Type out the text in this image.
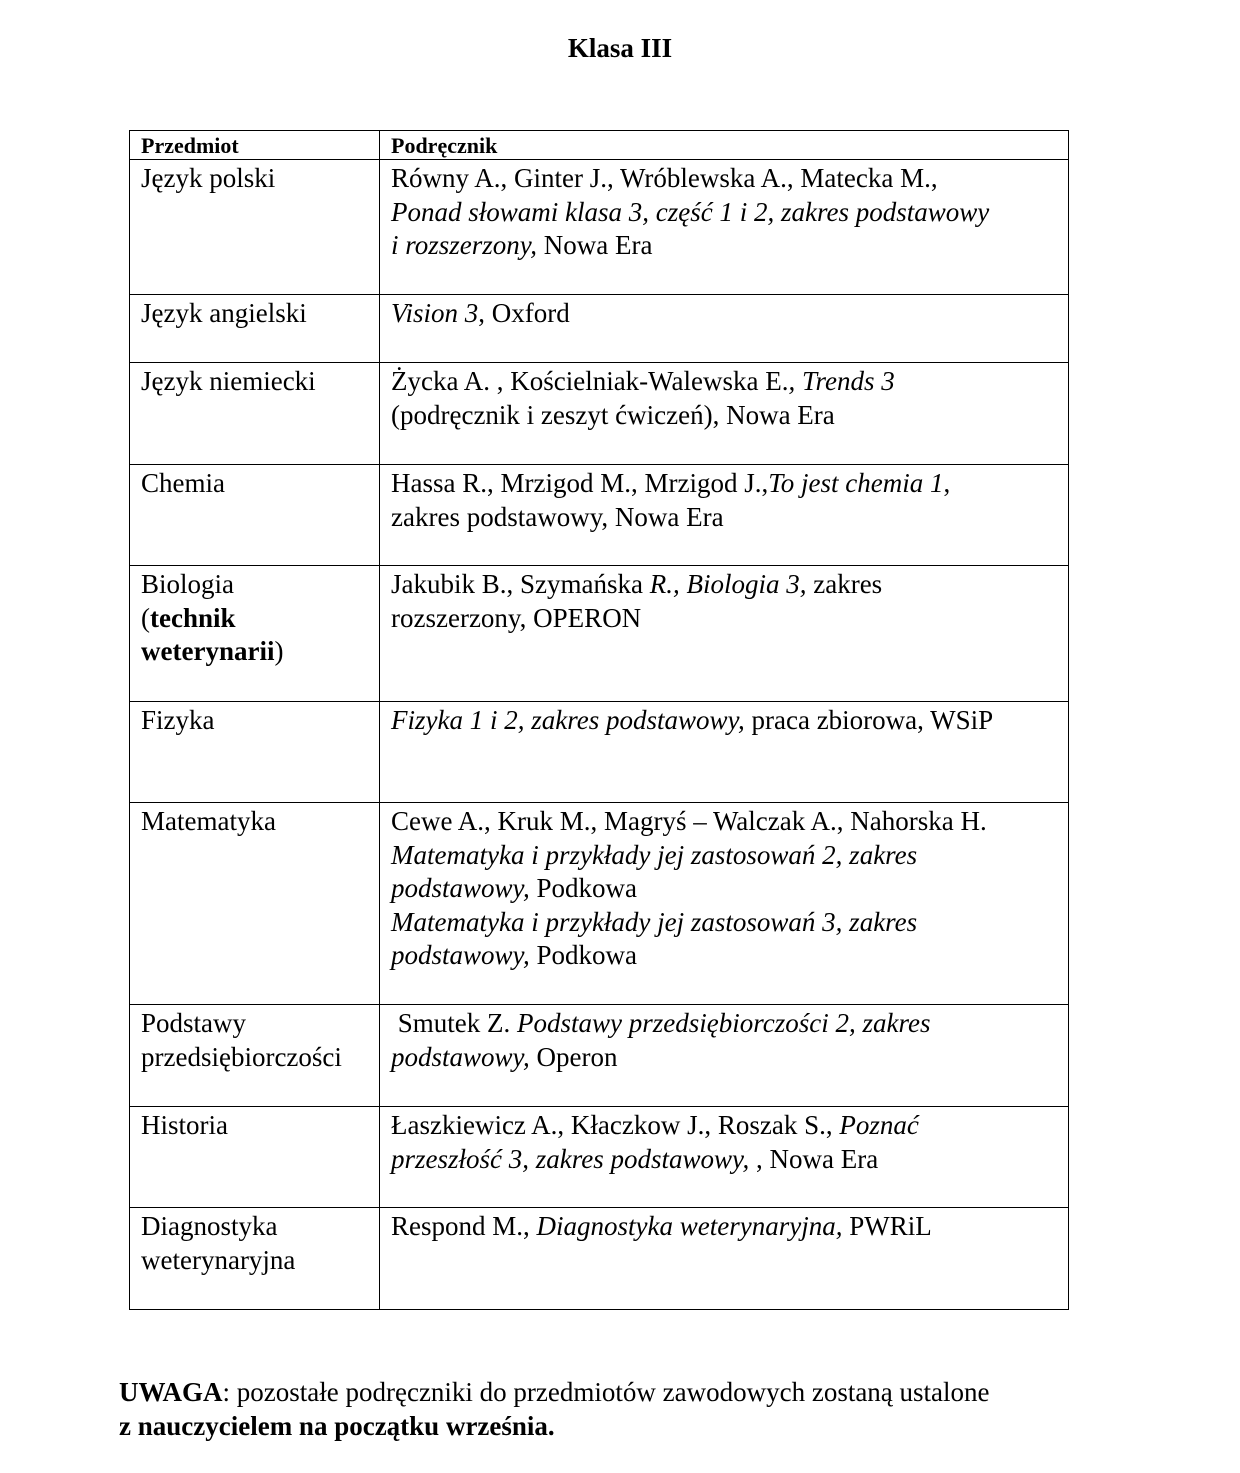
Klasa III
Przedmiot	Podręcznik
Język polski	Równy A., Ginter J., Wróblewska A., Matecka M.,
Ponad słowami klasa 3, część 1 i 2, zakres podstawowy
i rozszerzony, Nowa Era
Język angielski	Vision 3, Oxford
Język niemiecki	Życka A. , Kościelniak-Walewska E., Trends 3
(podręcznik i zeszyt ćwiczeń), Nowa Era
Chemia	Hassa R., Mrzigod M., Mrzigod J.,To jest chemia 1,
zakres podstawowy, Nowa Era
Biologia
(technik
weterynarii)	Jakubik B., Szymańska R., Biologia 3, zakres
rozszerzony, OPERON
Fizyka	Fizyka 1 i 2, zakres podstawowy, praca zbiorowa, WSiP
Matematyka	Cewe A., Kruk M., Magryś – Walczak A., Nahorska H.
Matematyka i przykłady jej zastosowań 2, zakres
podstawowy, Podkowa
Matematyka i przykłady jej zastosowań 3, zakres
podstawowy, Podkowa
Podstawy
przedsiębiorczości	Smutek Z. Podstawy przedsiębiorczości 2, zakres
podstawowy, Operon
Historia	Łaszkiewicz A., Kłaczkow J., Roszak S., Poznać
przeszłość 3, zakres podstawowy, , Nowa Era
Diagnostyka
weterynaryjna	Respond M., Diagnostyka weterynaryjna, PWRiL
UWAGA: pozostałe podręczniki do przedmiotów zawodowych zostaną ustalone
z nauczycielem na początku września.
